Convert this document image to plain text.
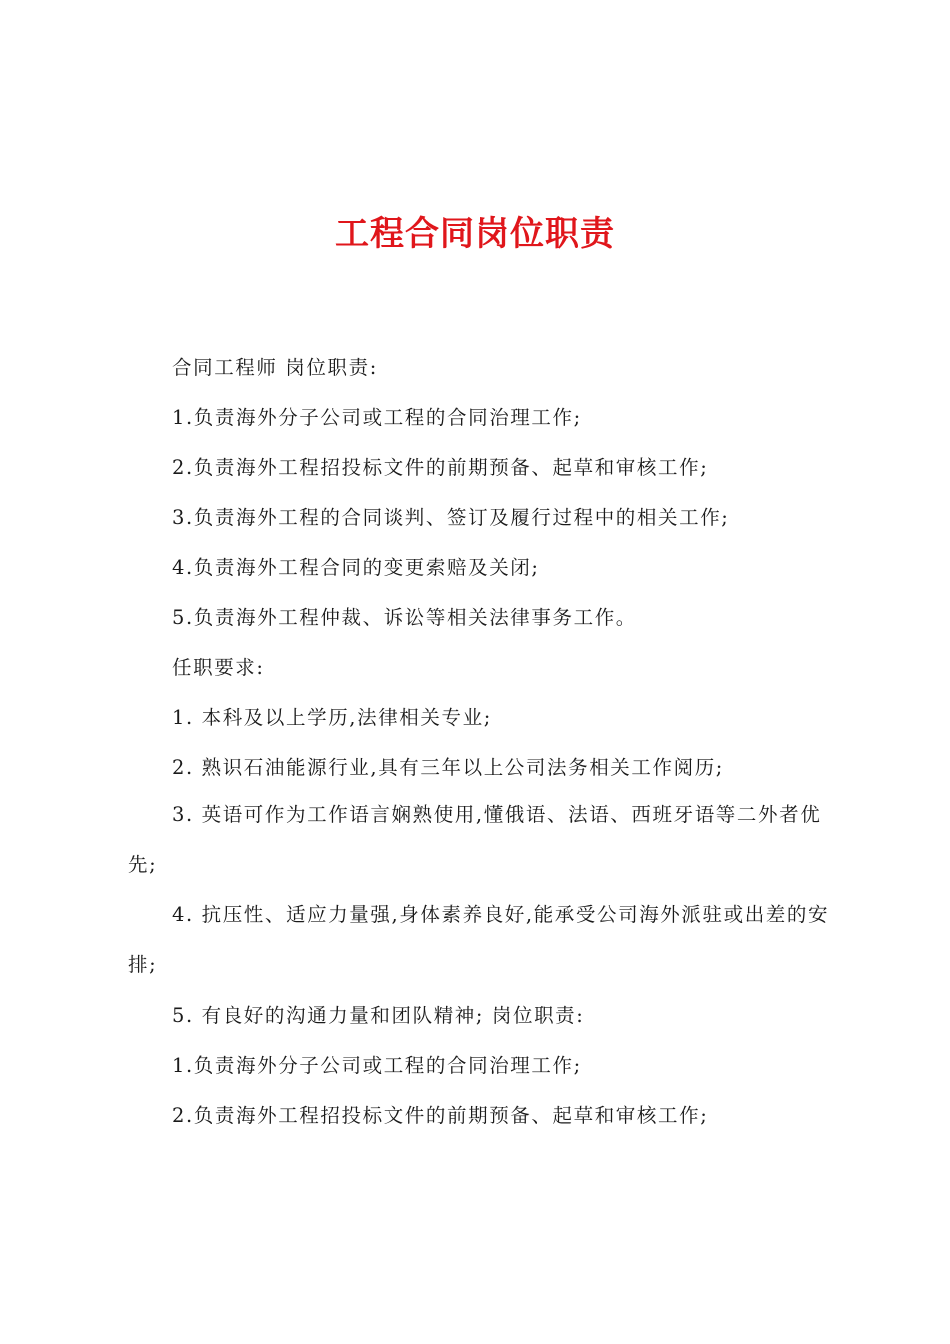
工程合同岗位职责
合同工程师 岗位职责:
1.负责海外分子公司或工程的合同治理工作;
2.负责海外工程招投标文件的前期预备、起草和审核工作;
3.负责海外工程的合同谈判、签订及履行过程中的相关工作;
4.负责海外工程合同的变更索赔及关闭;
5.负责海外工程仲裁、诉讼等相关法律事务工作。
任职要求:
1. 本科及以上学历,法律相关专业;
2. 熟识石油能源行业,具有三年以上公司法务相关工作阅历;
3. 英语可作为工作语言娴熟使用,懂俄语、法语、西班牙语等二外者优先;
4. 抗压性、适应力量强,身体素养良好,能承受公司海外派驻或出差的安排;
5. 有良好的沟通力量和团队精神; 岗位职责:
1.负责海外分子公司或工程的合同治理工作;
2.负责海外工程招投标文件的前期预备、起草和审核工作;
